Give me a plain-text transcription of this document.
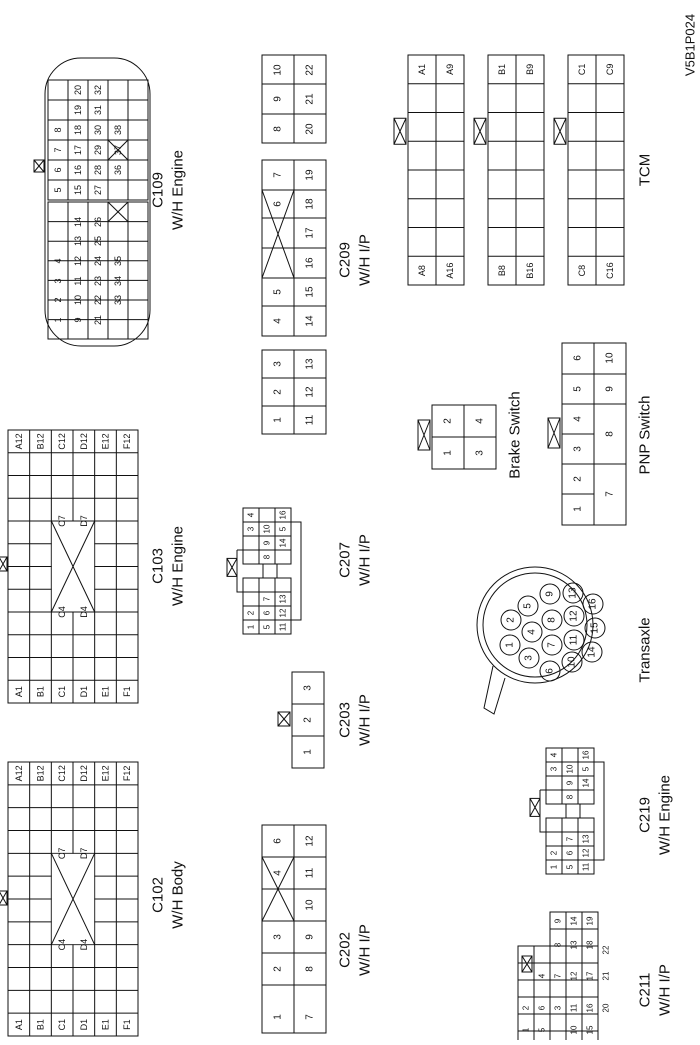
A1 B1 C1 D1 E1 F1
A12 B12 C12 D12 E12 F12
C4 D4
C7 D7
A1 B1 C1 D1 E1 F1
A12 B12 C12 D12 E12 F12
C4 D4
C7 D7
C102 W/H Body
C103 W/H Engine
1
2
3
4
9
10
11
12
13
14
21
22
23
24
25
26
33
34
35
5
6
7
8
15
16
17
18
19
20
27
28
29
30
31
32
36
37
38
C109 W/H Engine
1
2
3
4
6
7
8
9
10
11
12
C202 W/H I/P
1
2
3
C203 W/H I/P
1
2
3
4
5
6
7
8
9
10
11
12
13
14
15
16
17
18
19
20
21
22
C209 W/H I/P
1
2
5
6
7
11
12
13
3
4
8
9
10
14
5
16
C207 W/H I/P
1
2
5
6
7
11
12
13
3
4
8
9
10
14
5
16
C219 W/H Engine
1
2
5
6
7
8
9
10
11
12
13
14
15
16
17
18
19
20
21
22
3
4	C211 W/H I/P
1
2
3
4
5
6
7
8
9
10
11
12
13
14
15
16
Transaxle
1
2
3
4 Brake Switch
1
2
3
4
5
6
7
8
9
10
PNP Switch
A1 A9
A8 A16
B1 B9
B8 B16
C1 C9
C8 C16
TCM
V5B1P024
